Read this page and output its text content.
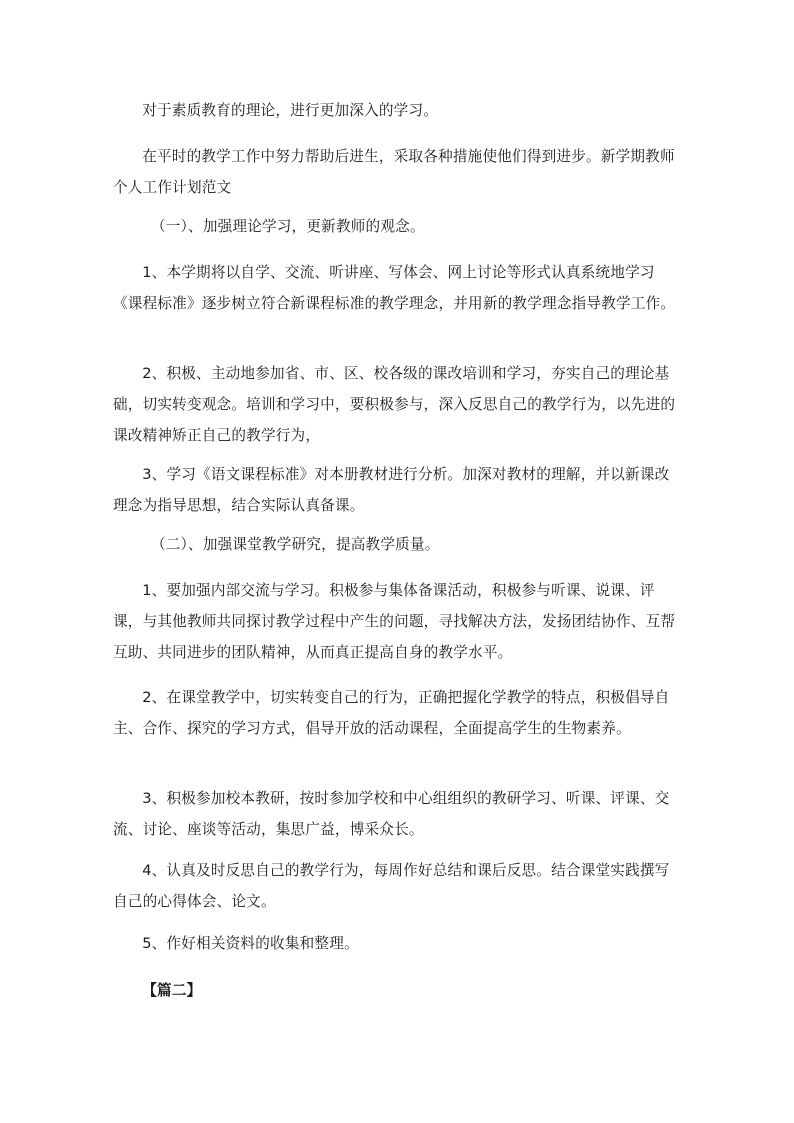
对于素质教育的理论，进行更加深入的学习。

在平时的教学工作中努力帮助后进生，采取各种措施使他们得到进步。新学期教师个人工作计划范文

（一）、加强理论学习，更新教师的观念。

1、本学期将以自学、交流、听讲座、写体会、网上讨论等形式认真系统地学习《课程标准》逐步树立符合新课程标准的教学理念，并用新的教学理念指导教学工作。

2、积极、主动地参加省、市、区、校各级的课改培训和学习，夯实自己的理论基础，切实转变观念。培训和学习中，要积极参与，深入反思自己的教学行为，以先进的课改精神矫正自己的教学行为，

3、学习《语文课程标准》对本册教材进行分析。加深对教材的理解，并以新课改理念为指导思想，结合实际认真备课。

（二）、加强课堂教学研究，提高教学质量。

1、要加强内部交流与学习。积极参与集体备课活动，积极参与听课、说课、评课，与其他教师共同探讨教学过程中产生的问题，寻找解决方法，发扬团结协作、互帮互助、共同进步的团队精神，从而真正提高自身的教学水平。

2、在课堂教学中，切实转变自己的行为，正确把握化学教学的特点，积极倡导自主、合作、探究的学习方式，倡导开放的活动课程，全面提高学生的生物素养。

3、积极参加校本教研，按时参加学校和中心组组织的教研学习、听课、评课、交流、讨论、座谈等活动，集思广益，博采众长。

4、认真及时反思自己的教学行为，每周作好总结和课后反思。结合课堂实践撰写自己的心得体会、论文。

5、作好相关资料的收集和整理。

【篇二】
